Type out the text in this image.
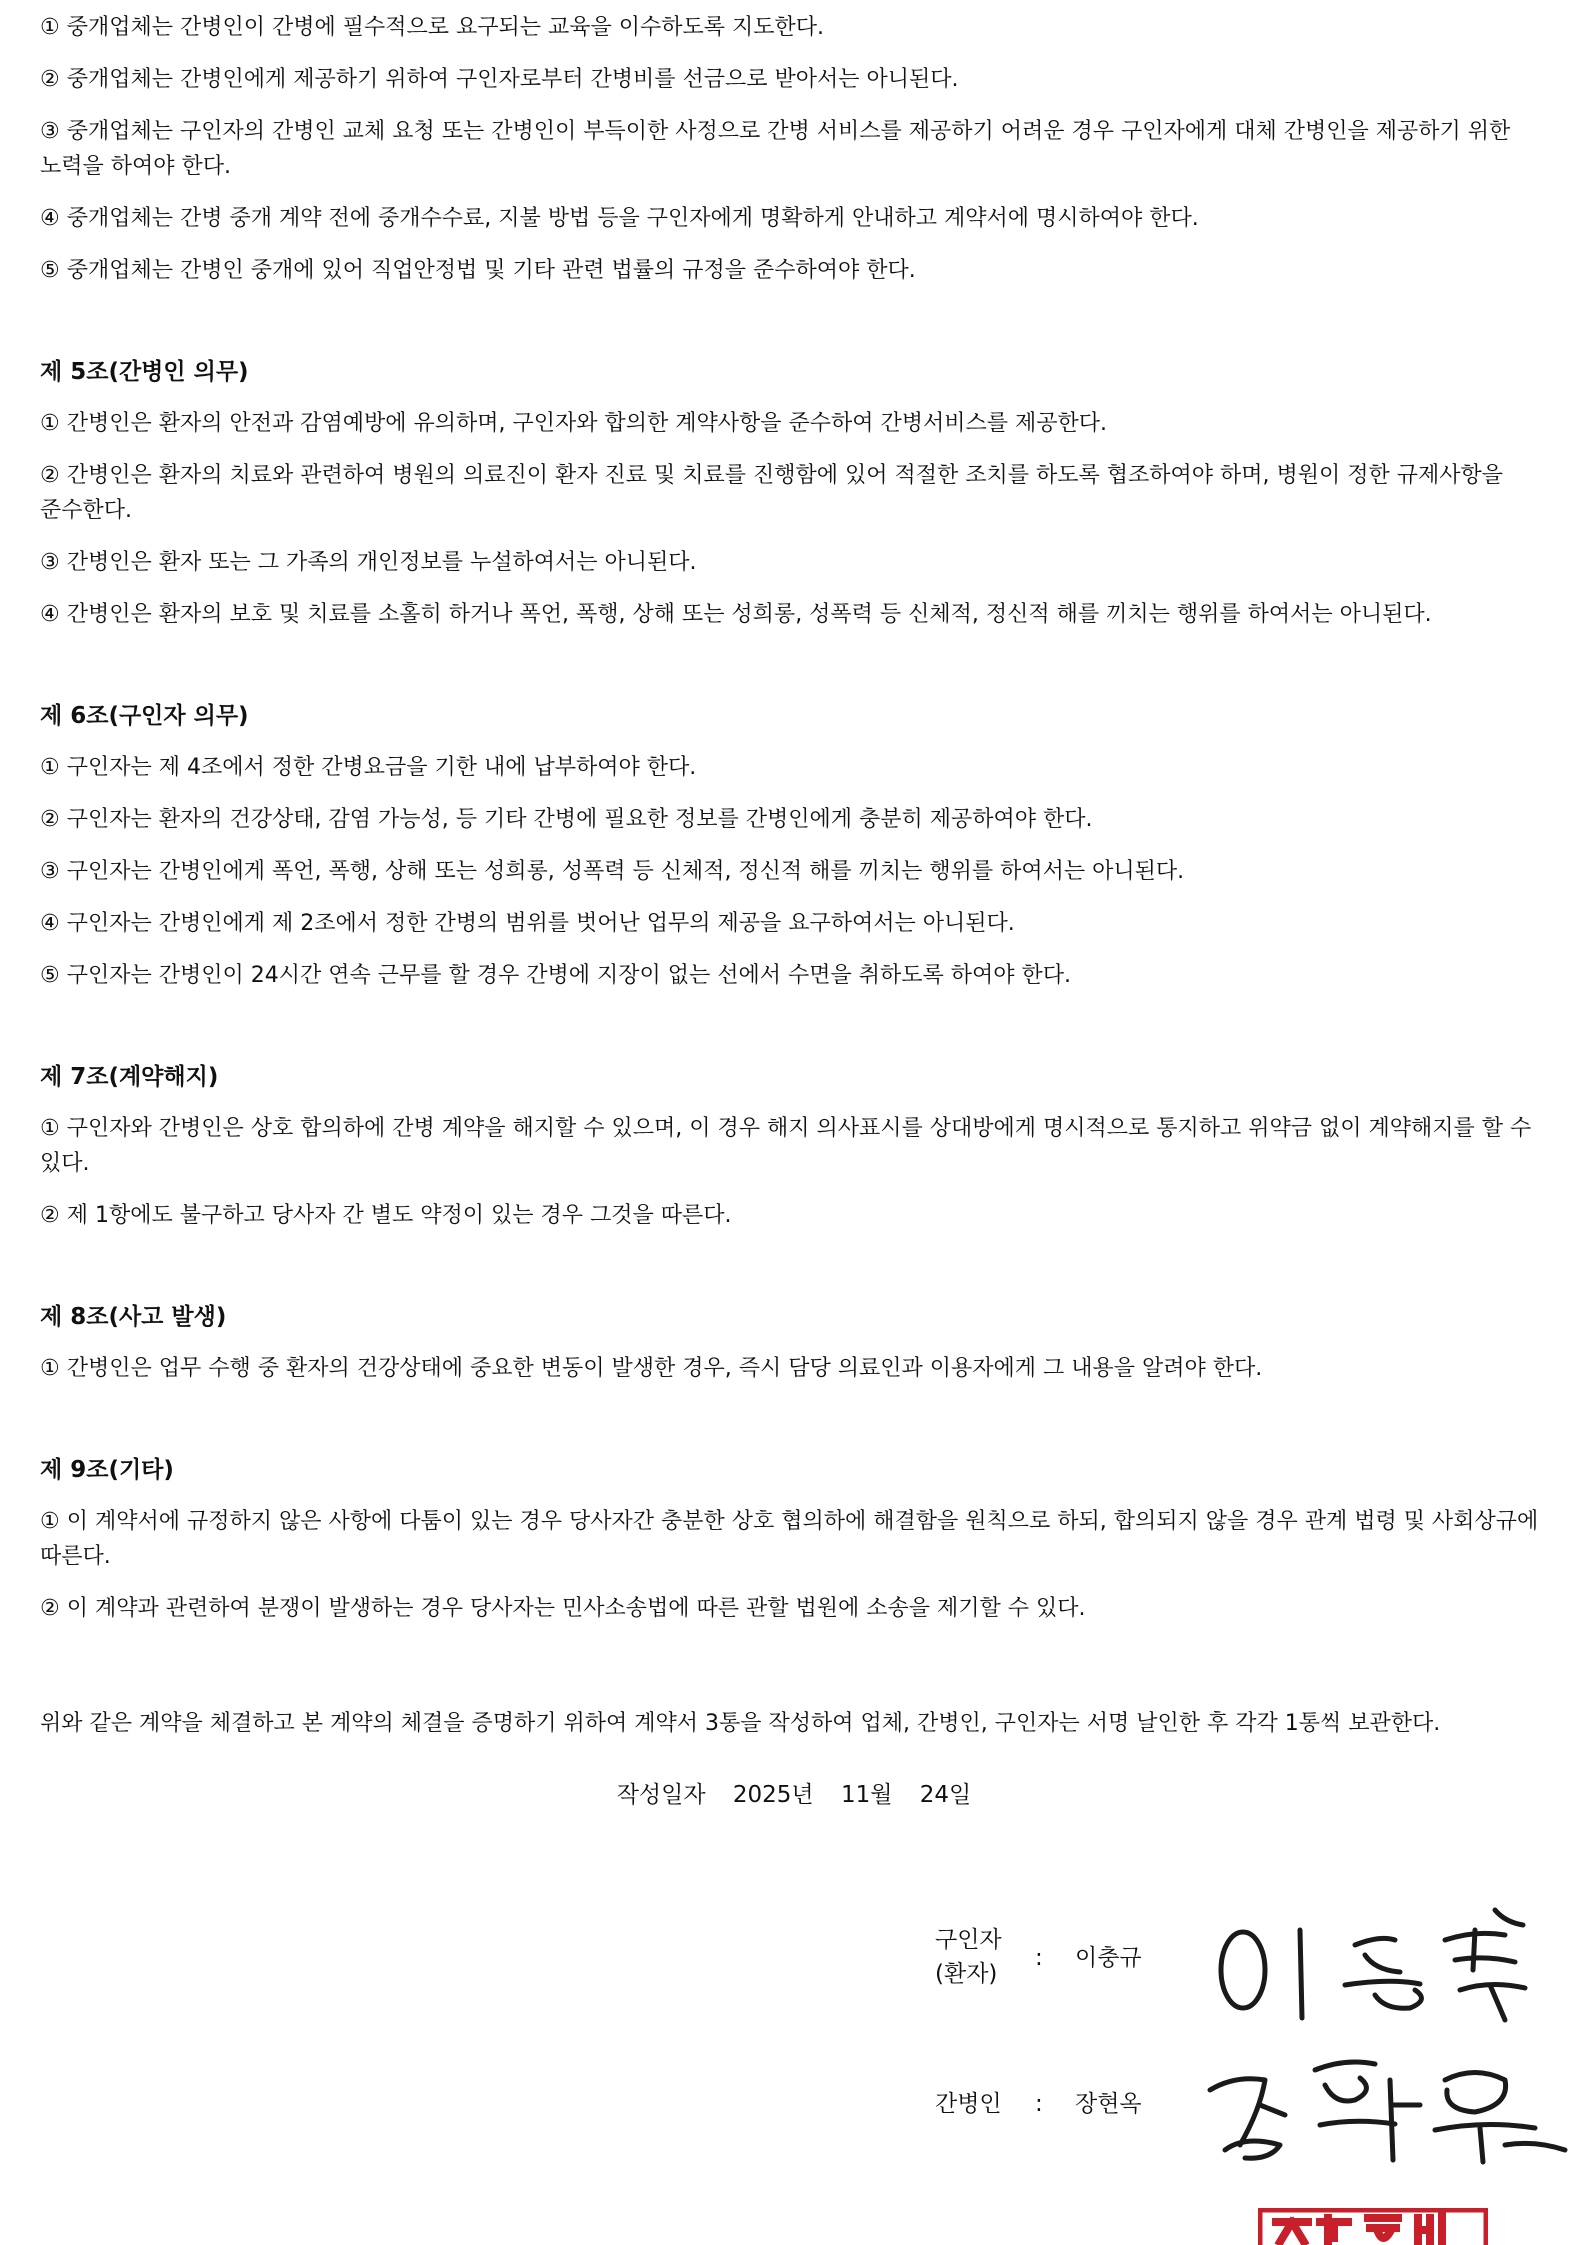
① 중개업체는 간병인이 간병에 필수적으로 요구되는 교육을 이수하도록 지도한다.
② 중개업체는 간병인에게 제공하기 위하여 구인자로부터 간병비를 선금으로 받아서는 아니된다.
③ 중개업체는 구인자의 간병인 교체 요청 또는 간병인이 부득이한 사정으로 간병 서비스를 제공하기 어려운 경우 구인자에게 대체 간병인을 제공하기 위한 노력을 하여야 한다.
④ 중개업체는 간병 중개 계약 전에 중개수수료, 지불 방법 등을 구인자에게 명확하게 안내하고 계약서에 명시하여야 한다.
⑤ 중개업체는 간병인 중개에 있어 직업안정법 및 기타 관련 법률의 규정을 준수하여야 한다.
제 5조(간병인 의무)
① 간병인은 환자의 안전과 감염예방에 유의하며, 구인자와 합의한 계약사항을 준수하여 간병서비스를 제공한다.
② 간병인은 환자의 치료와 관련하여 병원의 의료진이 환자 진료 및 치료를 진행함에 있어 적절한 조치를 하도록 협조하여야 하며, 병원이 정한 규제사항을 준수한다.
③ 간병인은 환자 또는 그 가족의 개인정보를 누설하여서는 아니된다.
④ 간병인은 환자의 보호 및 치료를 소홀히 하거나 폭언, 폭행, 상해 또는 성희롱, 성폭력 등 신체적, 정신적 해를 끼치는 행위를 하여서는 아니된다.
제 6조(구인자 의무)
① 구인자는 제 4조에서 정한 간병요금을 기한 내에 납부하여야 한다.
② 구인자는 환자의 건강상태, 감염 가능성, 등 기타 간병에 필요한 정보를 간병인에게 충분히 제공하여야 한다.
③ 구인자는 간병인에게 폭언, 폭행, 상해 또는 성희롱, 성폭력 등 신체적, 정신적 해를 끼치는 행위를 하여서는 아니된다.
④ 구인자는 간병인에게 제 2조에서 정한 간병의 범위를 벗어난 업무의 제공을 요구하여서는 아니된다.
⑤ 구인자는 간병인이 24시간 연속 근무를 할 경우 간병에 지장이 없는 선에서 수면을 취하도록 하여야 한다.
제 7조(계약해지)
① 구인자와 간병인은 상호 합의하에 간병 계약을 해지할 수 있으며, 이 경우 해지 의사표시를 상대방에게 명시적으로 통지하고 위약금 없이 계약해지를 할 수 있다.
② 제 1항에도 불구하고 당사자 간 별도 약정이 있는 경우 그것을 따른다.
제 8조(사고 발생)
① 간병인은 업무 수행 중 환자의 건강상태에 중요한 변동이 발생한 경우, 즉시 담당 의료인과 이용자에게 그 내용을 알려야 한다.
제 9조(기타)
① 이 계약서에 규정하지 않은 사항에 다툼이 있는 경우 당사자간 충분한 상호 협의하에 해결함을 원칙으로 하되, 합의되지 않을 경우 관계 법령 및 사회상규에 따른다.
② 이 계약과 관련하여 분쟁이 발생하는 경우 당사자는 민사소송법에 따른 관할 법원에 소송을 제기할 수 있다.
위와 같은 계약을 체결하고 본 계약의 체결을 증명하기 위하여 계약서 3통을 작성하여 업체, 간병인, 구인자는 서명 날인한 후 각각 1통씩 보관한다.
작성일자 2025년 11월 24일
구인자
(환자)
: 이충규
간병인 : 장현옥
